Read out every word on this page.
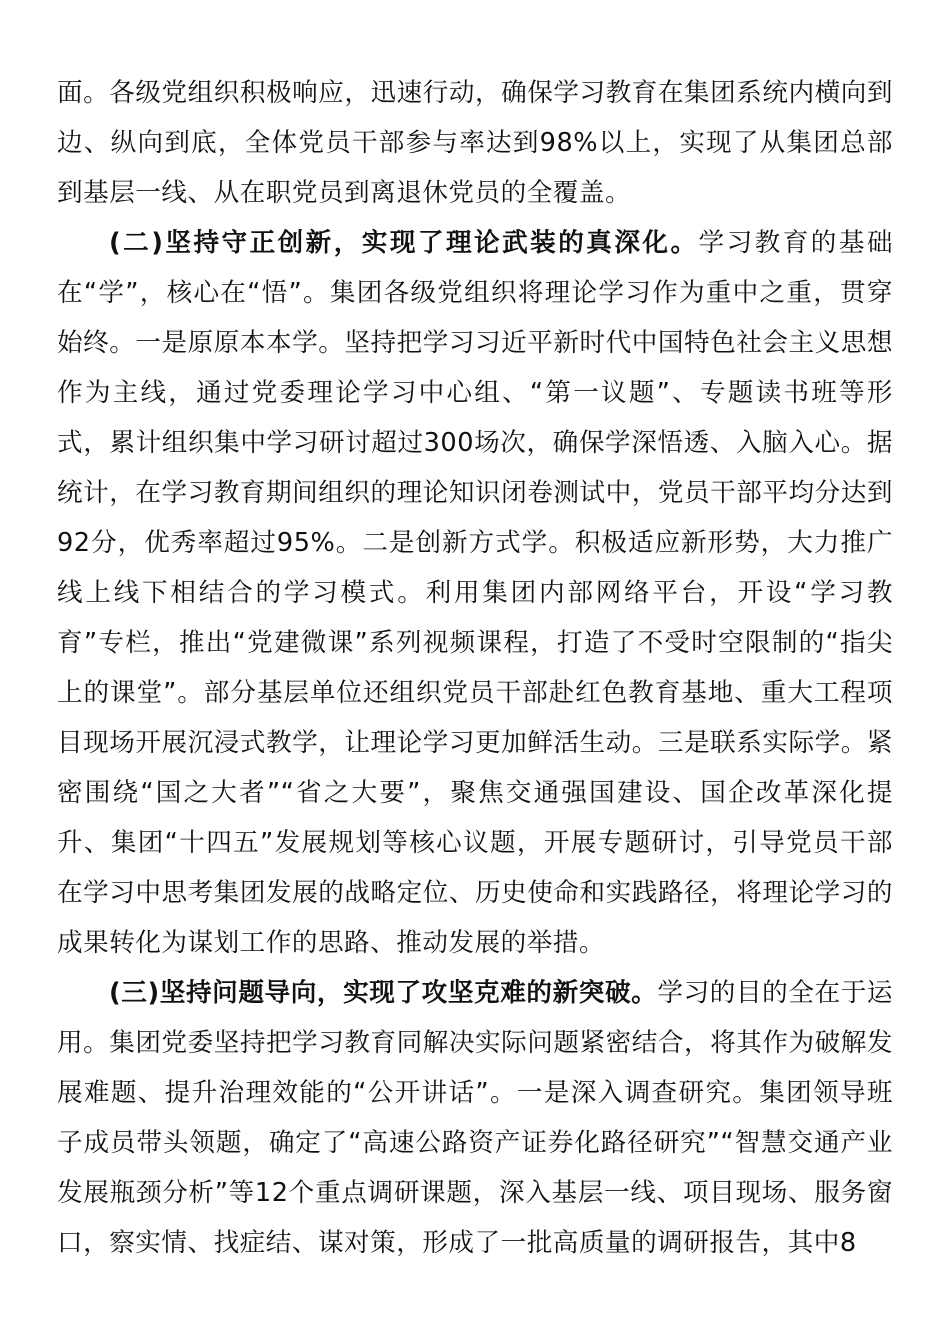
面。各级党组织积极响应，迅速行动，确保学习教育在集团系统内横向到边、纵向到底，全体党员干部参与率达到98%以上，实现了从集团总部到基层一线、从在职党员到离退休党员的全覆盖。

(二)坚持守正创新，实现了理论武装的真深化。学习教育的基础在“学”，核心在“悟”。集团各级党组织将理论学习作为重中之重，贯穿始终。一是原原本本学。坚持把学习习近平新时代中国特色社会主义思想作为主线，通过党委理论学习中心组、“第一议题”、专题读书班等形式，累计组织集中学习研讨超过300场次，确保学深悟透、入脑入心。据统计，在学习教育期间组织的理论知识闭卷测试中，党员干部平均分达到92分，优秀率超过95%。二是创新方式学。积极适应新形势，大力推广线上线下相结合的学习模式。利用集团内部网络平台，开设“学习教育”专栏，推出“党建微课”系列视频课程，打造了不受时空限制的“指尖上的课堂”。部分基层单位还组织党员干部赴红色教育基地、重大工程项目现场开展沉浸式教学，让理论学习更加鲜活生动。三是联系实际学。紧密围绕“国之大者”“省之大要”，聚焦交通强国建设、国企改革深化提升、集团“十四五”发展规划等核心议题，开展专题研讨，引导党员干部在学习中思考集团发展的战略定位、历史使命和实践路径，将理论学习的成果转化为谋划工作的思路、推动发展的举措。

(三)坚持问题导向，实现了攻坚克难的新突破。学习的目的全在于运用。集团党委坚持把学习教育同解决实际问题紧密结合，将其作为破解发展难题、提升治理效能的“公开讲话”。一是深入调查研究。集团领导班子成员带头领题，确定了“高速公路资产证券化路径研究”“智慧交通产业发展瓶颈分析”等12个重点调研课题，深入基层一线、项目现场、服务窗口，察实情、找症结、谋对策，形成了一批高质量的调研报告，其中8
